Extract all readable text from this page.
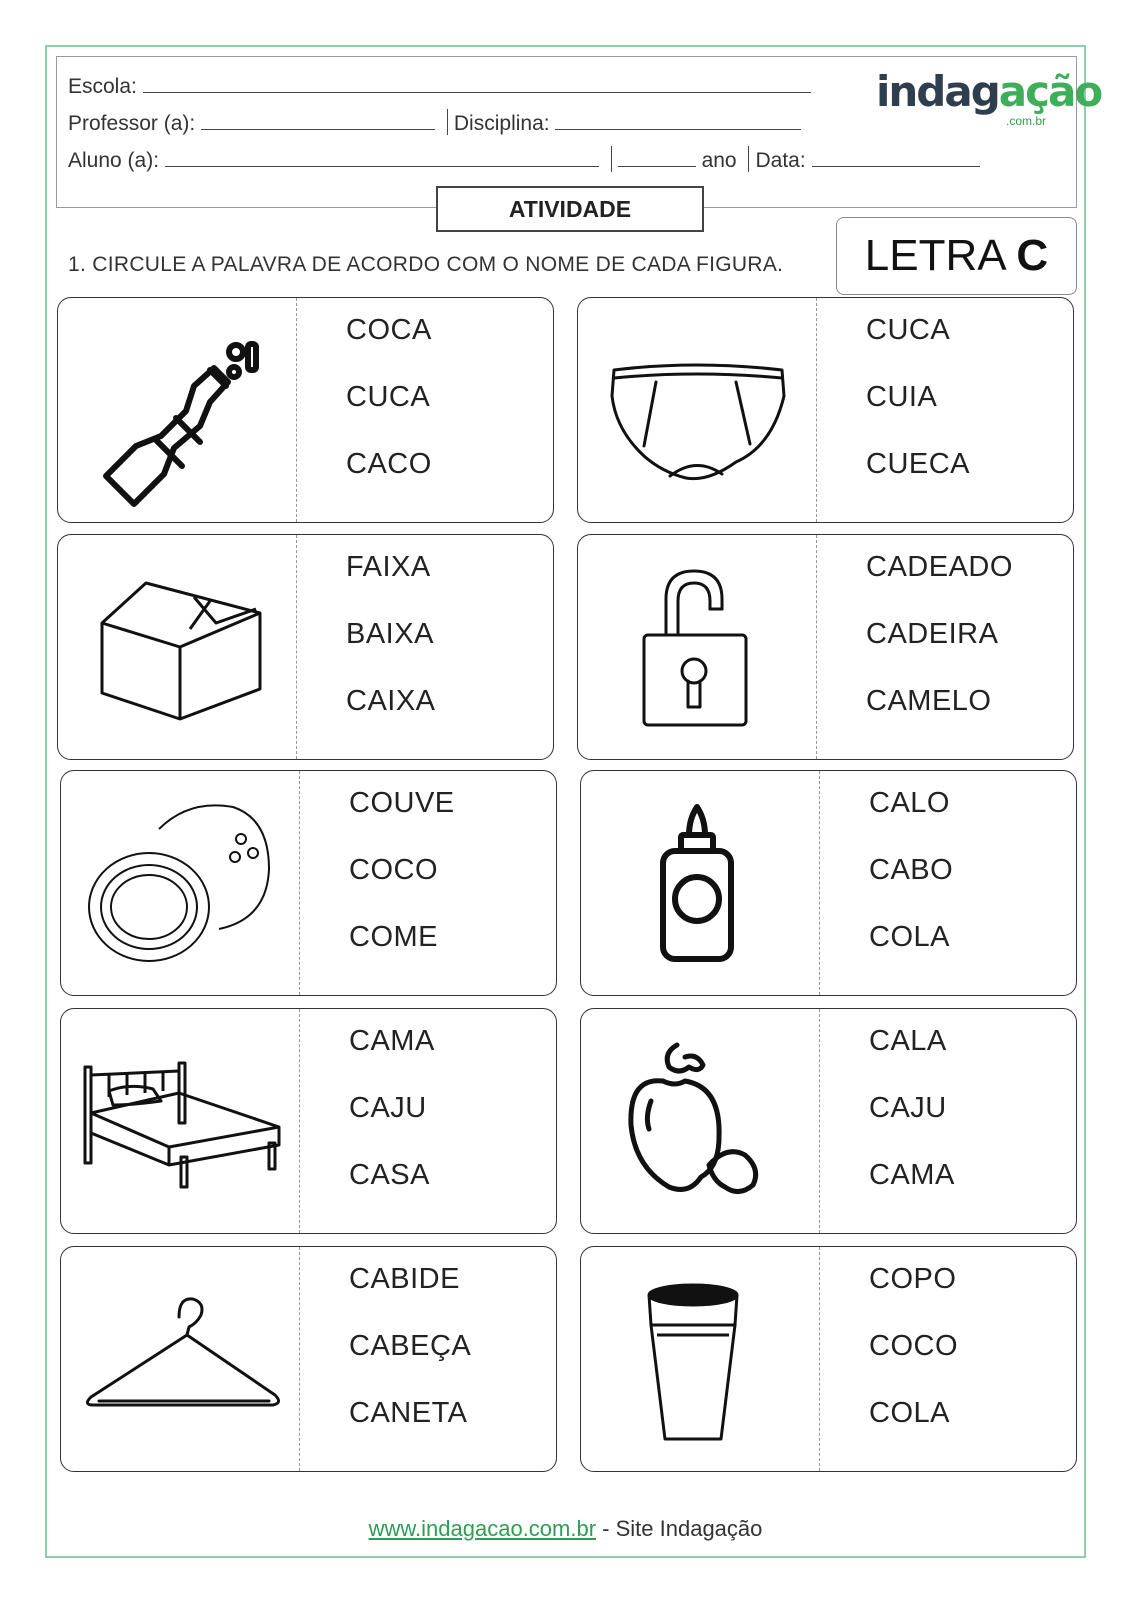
Escola:
Professor (a):	Disciplina:
Aluno (a):	ano Data:
indagação
.com.br
ATIVIDADE
1. CIRCULE A PALAVRA DE ACORDO COM O NOME DE CADA FIGURA.	LETRA C
COCA
CUCA
CACO
CUCA
CUIA
CUECA
FAIXA
BAIXA
CAIXA
CADEADO
CADEIRA
CAMELO
COUVE
COCO
COME
CALO
CABO
COLA
CAMA
CAJU
CASA
CALA
CAJU
CAMA
CABIDE
CABEÇA
CANETA
COPO
COCO
COLA
www.indagacao.com.br - Site Indagação
